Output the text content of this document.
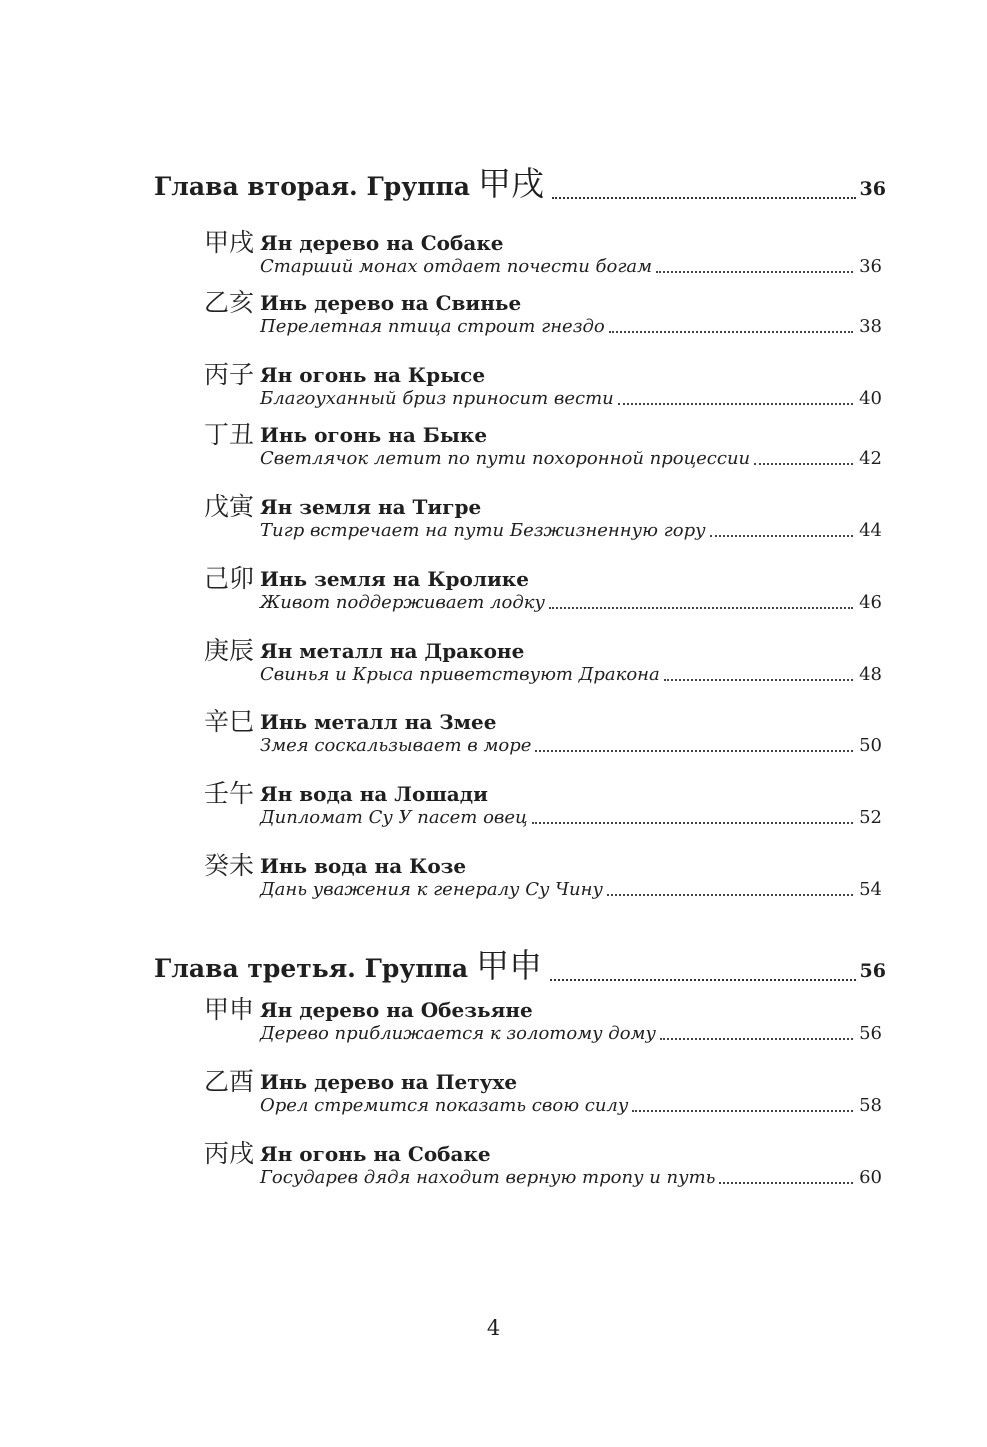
Глава вторая. Группа 甲戌	36
甲戌 Ян дерево на Собаке
Старший монах отдает почести богам	36
乙亥 Инь дерево на Свинье
Перелетная птица строит гнездо	38
丙子 Ян огонь на Крысе
Благоуханный бриз приносит вести	40
丁丑 Инь огонь на Быке
Светлячок летит по пути похоронной процессии	42
戊寅 Ян земля на Тигре
Тигр встречает на пути Безжизненную гору	44
己卯 Инь земля на Кролике
Живот поддерживает лодку	46
庚辰 Ян металл на Драконе
Свинья и Крыса приветствуют Дракона	48
辛巳 Инь металл на Змее
Змея соскальзывает в море	50
壬午 Ян вода на Лошади
Дипломат Су У пасет овец	52
癸未 Инь вода на Козе
Дань уважения к генералу Су Чину	54
Глава третья. Группа 甲申	56
甲申 Ян дерево на Обезьяне
Дерево приближается к золотому дому	56
乙酉 Инь дерево на Петухе
Орел стремится показать свою силу	58
丙戌 Ян огонь на Собаке
Государев дядя находит верную тропу и путь	60
4
